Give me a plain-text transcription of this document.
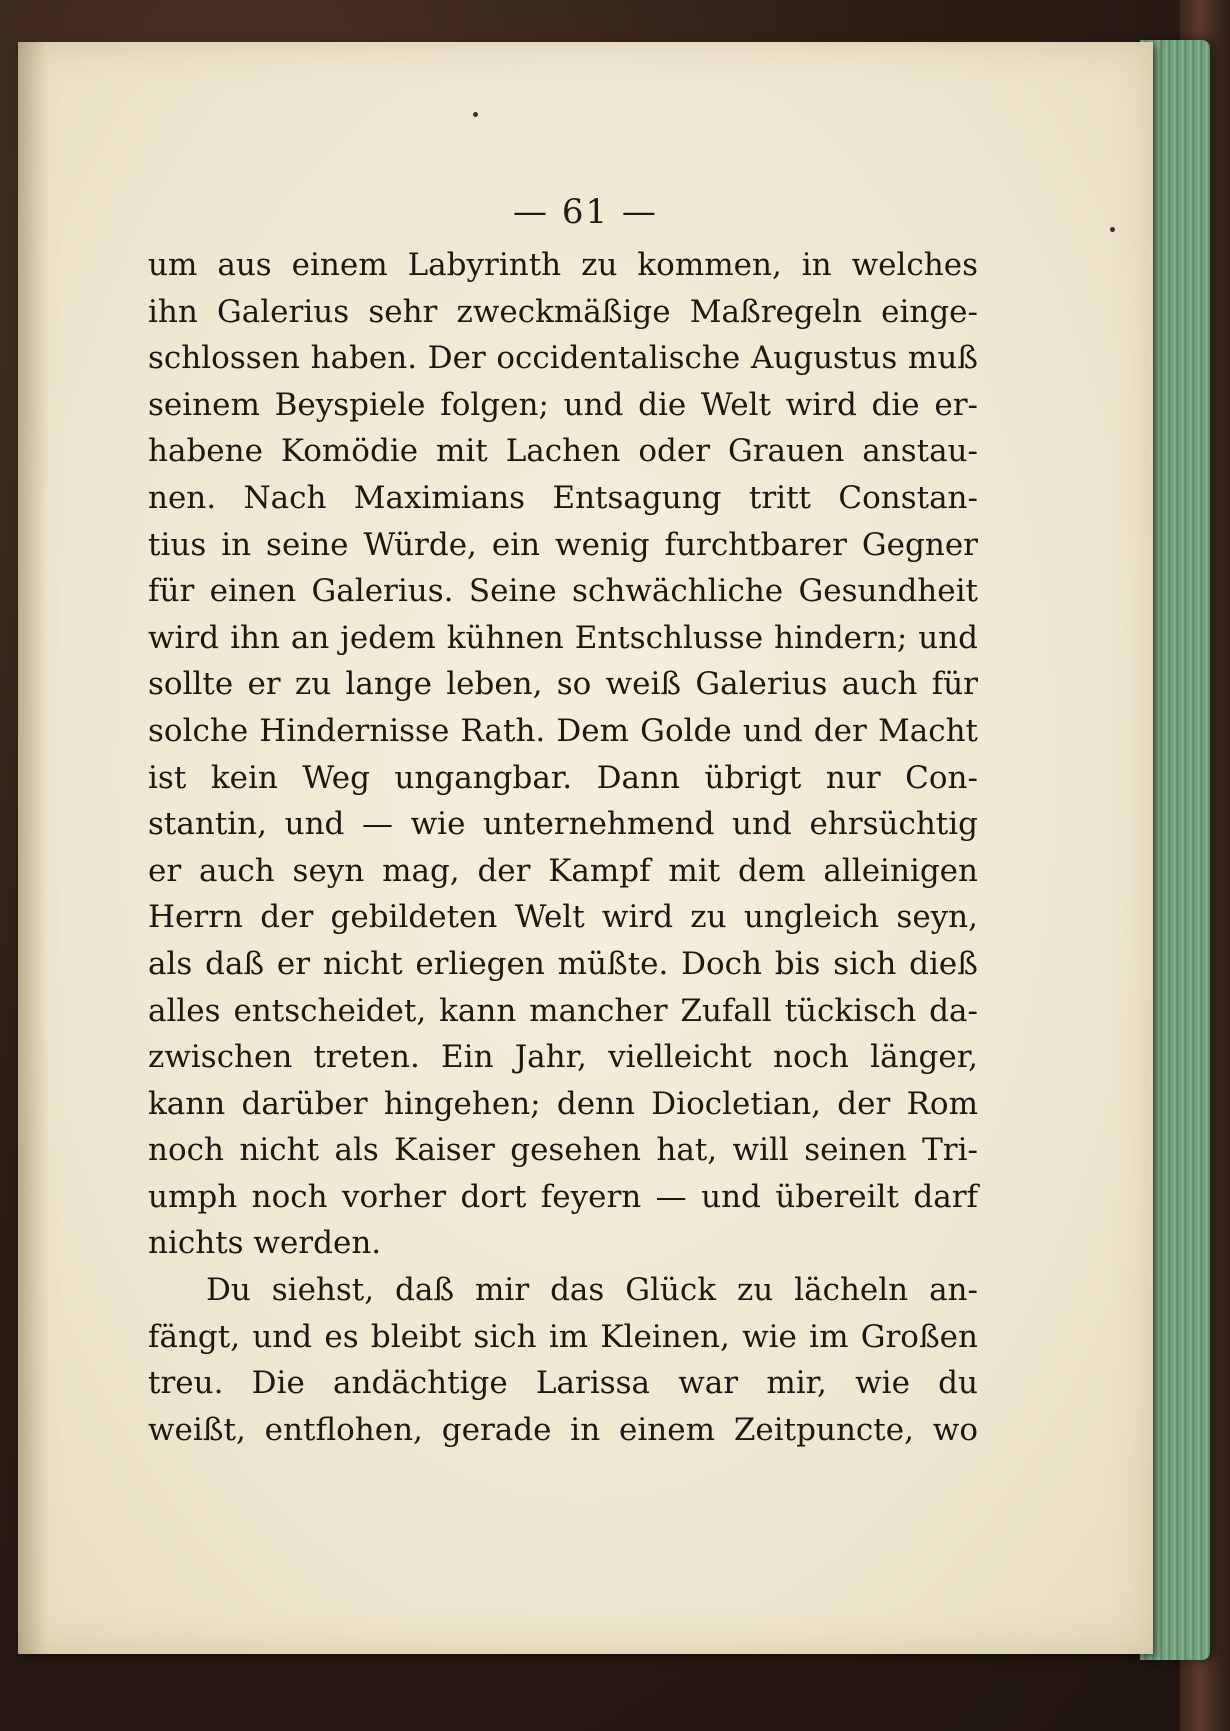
— 61 —
um aus einem Labyrinth zu kommen, in welches
ihn Galerius sehr zweckmäßige Maßregeln einge-
schlossen haben. Der occidentalische Augustus muß
seinem Beyspiele folgen; und die Welt wird die er-
habene Komödie mit Lachen oder Grauen anstau-
nen. Nach Maximians Entsagung tritt Constan-
tius in seine Würde, ein wenig furchtbarer Gegner
für einen Galerius. Seine schwächliche Gesundheit
wird ihn an jedem kühnen Entschlusse hindern; und
sollte er zu lange leben, so weiß Galerius auch für
solche Hindernisse Rath. Dem Golde und der Macht
ist kein Weg ungangbar. Dann übrigt nur Con-
stantin, und — wie unternehmend und ehrsüchtig
er auch seyn mag, der Kampf mit dem alleinigen
Herrn der gebildeten Welt wird zu ungleich seyn,
als daß er nicht erliegen müßte. Doch bis sich dieß
alles entscheidet, kann mancher Zufall tückisch da-
zwischen treten. Ein Jahr, vielleicht noch länger,
kann darüber hingehen; denn Diocletian, der Rom
noch nicht als Kaiser gesehen hat, will seinen Tri-
umph noch vorher dort feyern — und übereilt darf
nichts werden.
Du siehst, daß mir das Glück zu lächeln an-
fängt, und es bleibt sich im Kleinen, wie im Großen
treu. Die andächtige Larissa war mir, wie du
weißt, entflohen, gerade in einem Zeitpuncte, wo
